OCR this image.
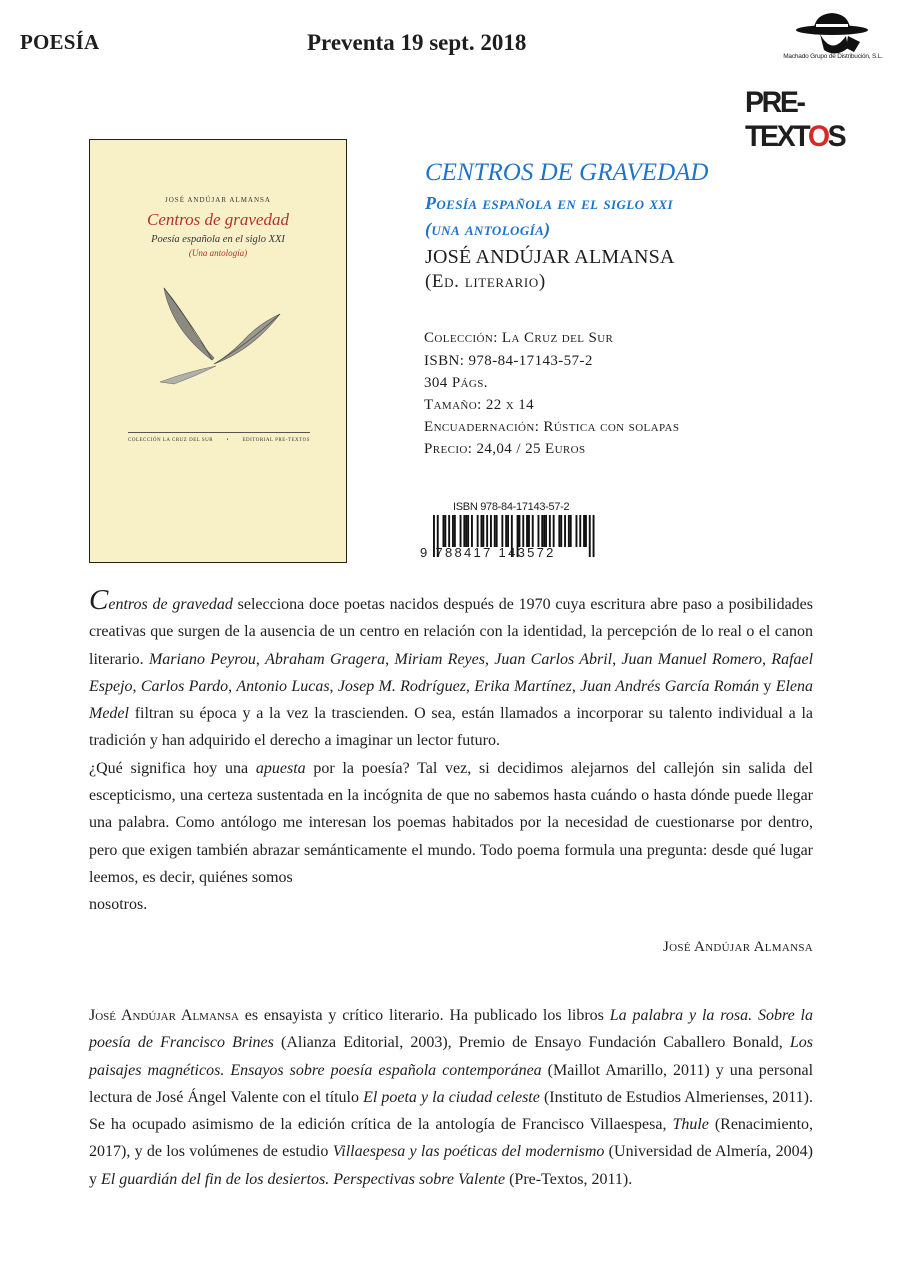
POESÍA	Preventa 19 sept. 2018
Machado Grupo de Distribución, S.L.
PRE-TEXTOS
JOSÉ ANDÚJAR ALMANSA
Centros de gravedad
Poesía española en el siglo XXI
(Una antología)
COLECCIÓN LA CRUZ DEL SUR	•	EDITORIAL PRE-TEXTOS
CENTROS DE GRAVEDAD
Poesía española en el siglo xxi
(una antología)
JOSÉ ANDÚJAR ALMANSA
(Ed. literario)
Colección: La Cruz del Sur
ISBN: 978-84-17143-57-2
304 Págs.
Tamaño: 22 x 14
Encuadernación: Rústica con solapas
Precio: 24,04 / 25 Euros
ISBN 978-84-17143-57-2
9 788417 143572
Centros de gravedad selecciona doce poetas nacidos después de 1970 cuya escritura abre paso a posibilidades creativas que surgen de la ausencia de un centro en relación con la identidad, la percepción de lo real o el canon literario. Mariano Peyrou, Abraham Gragera, Miriam Reyes, Juan Carlos Abril, Juan Manuel Romero, Rafael Espejo, Carlos Pardo, Antonio Lucas, Josep M. Rodríguez, Erika Martínez, Juan Andrés García Román y Elena Medel filtran su época y a la vez la trascienden. O sea, están llamados a incorporar su talento individual a la tradición y han adquirido el derecho a imaginar un lector futuro.
¿Qué significa hoy una apuesta por la poesía? Tal vez, si decidimos alejarnos del callejón sin salida del escepticismo, una certeza sustentada en la incógnita de que no sabemos hasta cuándo o hasta dónde puede llegar una palabra. Como antólogo me interesan los poemas habitados por la necesidad de cuestionarse por dentro, pero que exigen también abrazar semánticamente el mundo. Todo poema formula una pregunta: desde qué lugar leemos, es decir, quiénes somos
nosotros.
José Andújar Almansa
José Andújar Almansa es ensayista y crítico literario. Ha publicado los libros La palabra y la rosa. Sobre la poesía de Francisco Brines (Alianza Editorial, 2003), Premio de Ensayo Fundación Caballero Bonald, Los paisajes magnéticos. Ensayos sobre poesía española contemporánea (Maillot Amarillo, 2011) y una personal lectura de José Ángel Valente con el título El poeta y la ciudad celeste (Instituto de Estudios Almerienses, 2011). Se ha ocupado asimismo de la edición crítica de la antología de Francisco Villaespesa, Thule (Renacimiento, 2017), y de los volúmenes de estudio Villaespesa y las poéticas del modernismo (Universidad de Almería, 2004) y El guardián del fin de los desiertos. Perspectivas sobre Valente (Pre-Textos, 2011).
